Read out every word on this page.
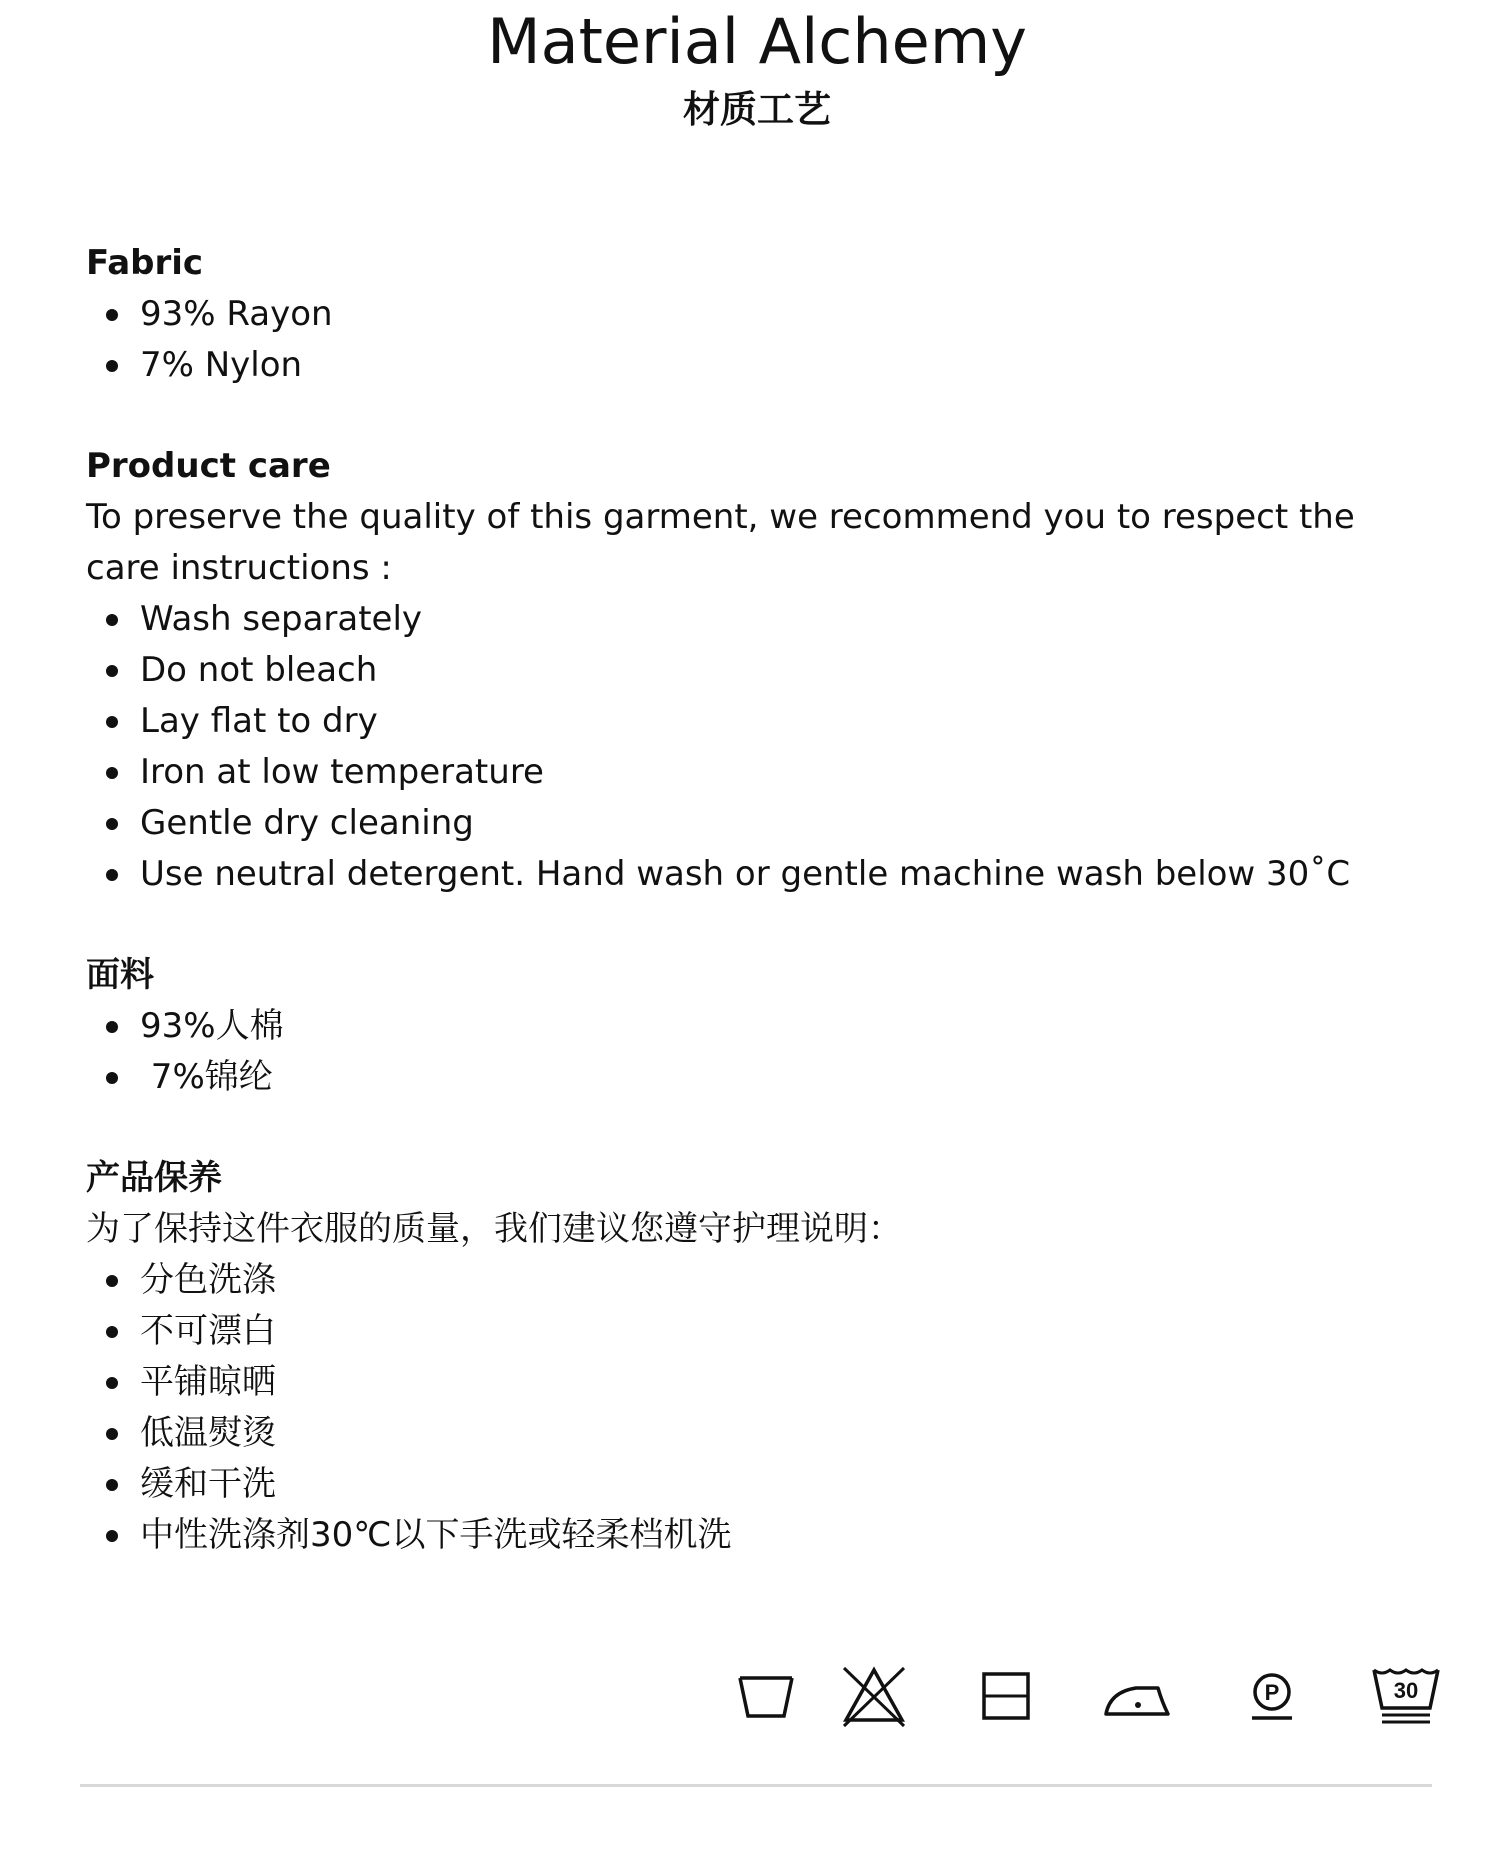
Material Alchemy
材质工艺
Fabric
93% Rayon
7% Nylon
Product care

To preserve the quality of this garment, we recommend you to respect the care instructions :

Wash separately
Do not bleach
Lay flat to dry
Iron at low temperature
Gentle dry cleaning
Use neutral detergent. Hand wash or gentle machine wash below 30˚C
面料
93%人棉
7%锦纶
产品保养

为了保持这件衣服的质量，我们建议您遵守护理说明：

分色洗涤
不可漂白
平铺晾晒
低温熨烫
缓和干洗
中性洗涤剂30℃以下手洗或轻柔档机洗
P	30
